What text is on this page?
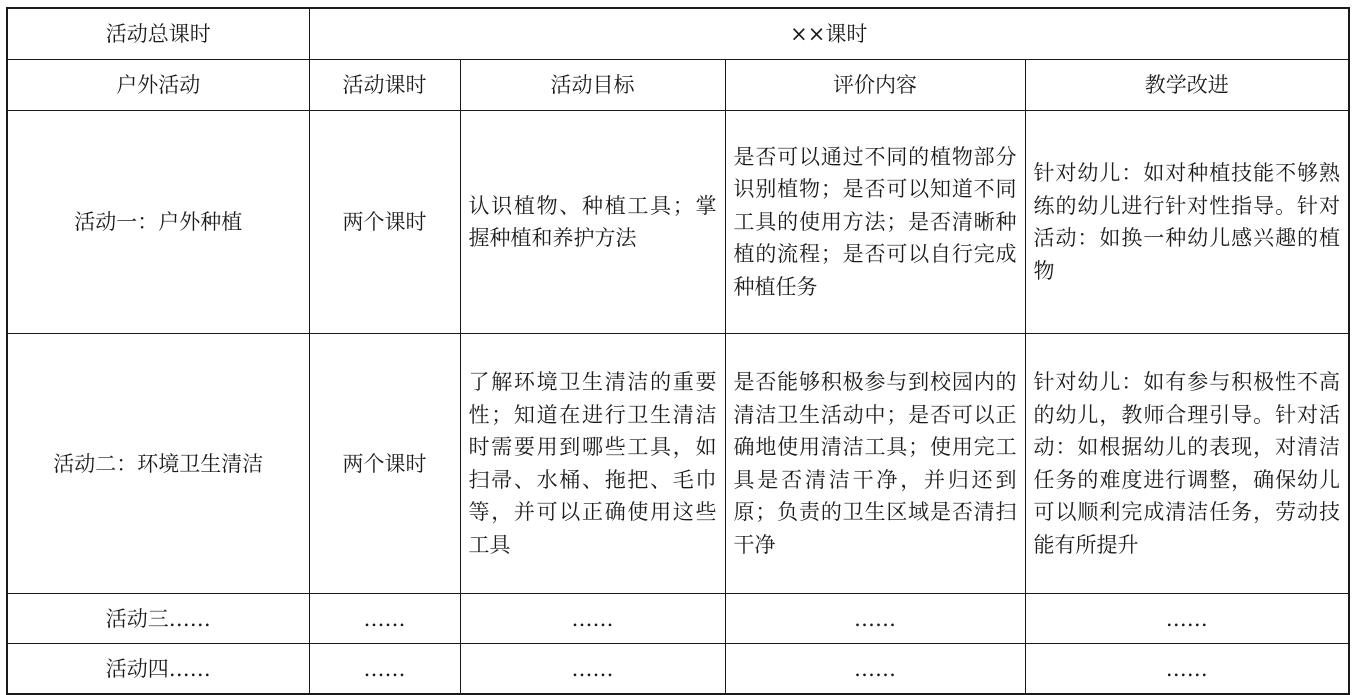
活动总课时	××课时			
户外活动	活动课时	活动目标	评价内容	教学改进
活动一：户外种植	两个课时	认识植物、种植工具；掌握种植和养护方法	是否可以通过不同的植物部分识别植物；是否可以知道不同工具的使用方法；是否清晰种植的流程；是否可以自行完成种植任务	针对幼儿：如对种植技能不够熟练的幼儿进行针对性指导。针对活动：如换一种幼儿感兴趣的植物
活动二：环境卫生清洁	两个课时	了解环境卫生清洁的重要性；知道在进行卫生清洁时需要用到哪些工具，如扫帚、水桶、拖把、毛巾等，并可以正确使用这些工具	是否能够积极参与到校园内的清洁卫生活动中；是否可以正确地使用清洁工具；使用完工具是否清洁干净，并归还到原；负责的卫生区域是否清扫干净	针对幼儿：如有参与积极性不高的幼儿，教师合理引导。针对活动：如根据幼儿的表现，对清洁任务的难度进行调整，确保幼儿可以顺利完成清洁任务，劳动技能有所提升
活动三……	……	……	……	……
活动四……	……	……	……	……
